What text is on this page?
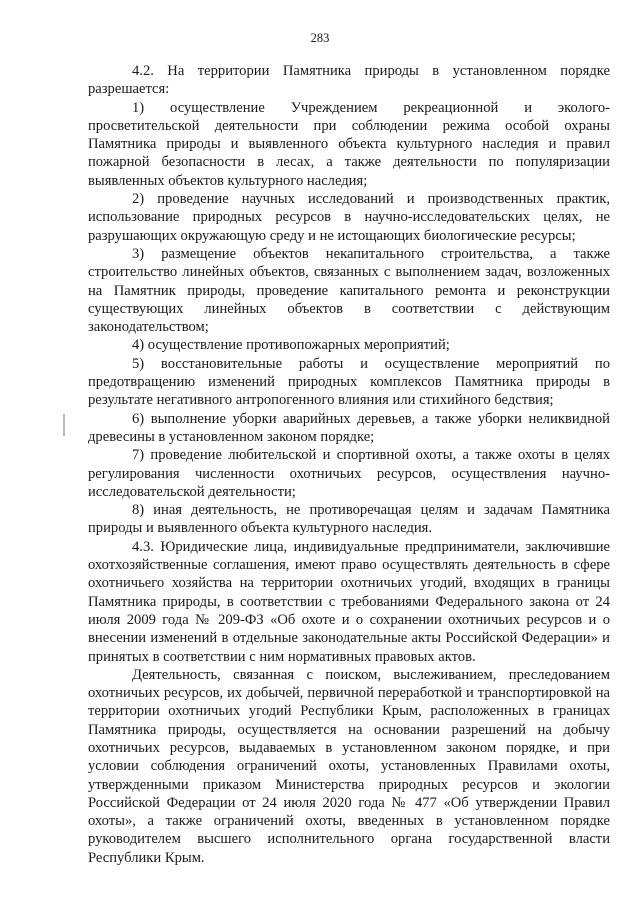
283

4.2. На территории Памятника природы в установленном порядке разрешается:

1) осуществление Учреждением рекреационной и эколого-просветительской деятельности при соблюдении режима особой охраны Памятника природы и выявленного объекта культурного наследия и правил пожарной безопасности в лесах, а также деятельности по популяризации выявленных объектов культурного наследия;

2) проведение научных исследований и производственных практик, использование природных ресурсов в научно-исследовательских целях, не разрушающих окружающую среду и не истощающих биологические ресурсы;

3) размещение объектов некапитального строительства, а также строительство линейных объектов, связанных с выполнением задач, возложенных на Памятник природы, проведение капитального ремонта и реконструкции существующих линейных объектов в соответствии с действующим законодательством;

4) осуществление противопожарных мероприятий;

5) восстановительные работы и осуществление мероприятий по предотвращению изменений природных комплексов Памятника природы в результате негативного антропогенного влияния или стихийного бедствия;

6) выполнение уборки аварийных деревьев, а также уборки неликвидной древесины в установленном законом порядке;

7) проведение любительской и спортивной охоты, а также охоты в целях регулирования численности охотничьих ресурсов, осуществления научно-исследовательской деятельности;

8) иная деятельность, не противоречащая целям и задачам Памятника природы и выявленного объекта культурного наследия.

4.3. Юридические лица, индивидуальные предприниматели, заключившие охотхозяйственные соглашения, имеют право осуществлять деятельность в сфере охотничьего хозяйства на территории охотничьих угодий, входящих в границы Памятника природы, в соответствии с требованиями Федерального закона от 24 июля 2009 года № 209-ФЗ «Об охоте и о сохранении охотничьих ресурсов и о внесении изменений в отдельные законодательные акты Российской Федерации» и принятых в соответствии с ним нормативных правовых актов.

Деятельность, связанная с поиском, выслеживанием, преследованием охотничьих ресурсов, их добычей, первичной переработкой и транспортировкой на территории охотничьих угодий Республики Крым, расположенных в границах Памятника природы, осуществляется на основании разрешений на добычу охотничьих ресурсов, выдаваемых в установленном законом порядке, и при условии соблюдения ограничений охоты, установленных Правилами охоты, утвержденными приказом Министерства природных ресурсов и экологии Российской Федерации от 24 июля 2020 года № 477 «Об утверждении Правил охоты», а также ограничений охоты, введенных в установленном порядке руководителем высшего исполнительного органа государственной власти Республики Крым.
